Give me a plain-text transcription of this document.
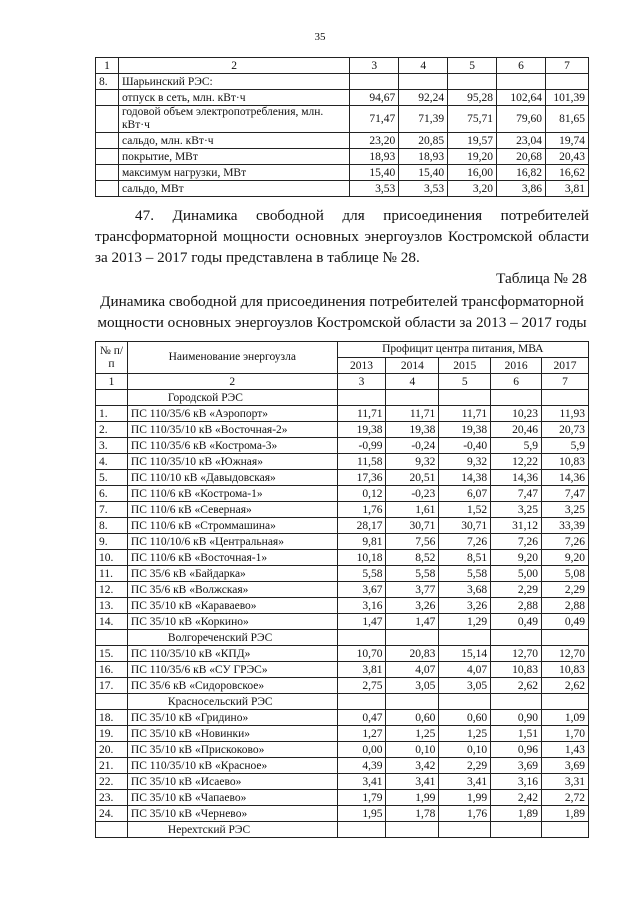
35
1	2	3	4	5	6	7
8.	Шарьинский РЭС:					
	отпуск в сеть, млн. кВт·ч	94,67	92,24	95,28	102,64	101,39
	годовой объем электропотребления, млн. кВт·ч	71,47	71,39	75,71	79,60	81,65
	сальдо, млн. кВт·ч	23,20	20,85	19,57	23,04	19,74
	покрытие, МВт	18,93	18,93	19,20	20,68	20,43
	максимум нагрузки, МВт	15,40	15,40	16,00	16,82	16,62
	сальдо, МВт	3,53	3,53	3,20	3,86	3,81
47. Динамика свободной для присоединения потребителей трансформаторной мощности основных энергоузлов Костромской области за 2013 – 2017 годы представлена в таблице № 28.
Таблица № 28
Динамика свободной для присоединения потребителей трансформаторной мощности основных энергоузлов Костромской области за 2013 – 2017 годы
№ п/п	Наименование энергоузла	Профицит центра питания, МВА				
		2013	2014	2015	2016	2017
1	2	3	4	5	6	7
	Городской РЭС					
1.	ПС 110/35/6 кВ «Аэропорт»	11,71	11,71	11,71	10,23	11,93
2.	ПС 110/35/10 кВ «Восточная-2»	19,38	19,38	19,38	20,46	20,73
3.	ПС 110/35/6 кВ «Кострома-3»	-0,99	-0,24	-0,40	5,9	5,9
4.	ПС 110/35/10 кВ «Южная»	11,58	9,32	9,32	12,22	10,83
5.	ПС 110/10 кВ «Давыдовская»	17,36	20,51	14,38	14,36	14,36
6.	ПС 110/6 кВ «Кострома-1»	0,12	-0,23	6,07	7,47	7,47
7.	ПС 110/6 кВ «Северная»	1,76	1,61	1,52	3,25	3,25
8.	ПС 110/6 кВ «Строммашина»	28,17	30,71	30,71	31,12	33,39
9.	ПС 110/10/6 кВ «Центральная»	9,81	7,56	7,26	7,26	7,26
10.	ПС 110/6 кВ «Восточная-1»	10,18	8,52	8,51	9,20	9,20
11.	ПС 35/6 кВ «Байдарка»	5,58	5,58	5,58	5,00	5,08
12.	ПС 35/6 кВ «Волжская»	3,67	3,77	3,68	2,29	2,29
13.	ПС 35/10 кВ «Караваево»	3,16	3,26	3,26	2,88	2,88
14.	ПС 35/10 кВ «Коркино»	1,47	1,47	1,29	0,49	0,49
	Волгореченский РЭС					
15.	ПС 110/35/10 кВ «КПД»	10,70	20,83	15,14	12,70	12,70
16.	ПС 110/35/6 кВ «СУ ГРЭС»	3,81	4,07	4,07	10,83	10,83
17.	ПС 35/6 кВ «Сидоровское»	2,75	3,05	3,05	2,62	2,62
	Красносельский РЭС					
18.	ПС 35/10 кВ «Гридино»	0,47	0,60	0,60	0,90	1,09
19.	ПС 35/10 кВ «Новинки»	1,27	1,25	1,25	1,51	1,70
20.	ПС 35/10 кВ «Прискоково»	0,00	0,10	0,10	0,96	1,43
21.	ПС 110/35/10 кВ «Красное»	4,39	3,42	2,29	3,69	3,69
22.	ПС 35/10 кВ «Исаево»	3,41	3,41	3,41	3,16	3,31
23.	ПС 35/10 кВ «Чапаево»	1,79	1,99	1,99	2,42	2,72
24.	ПС 35/10 кВ «Черневo»	1,95	1,78	1,76	1,89	1,89
	Нерехтский РЭС					
